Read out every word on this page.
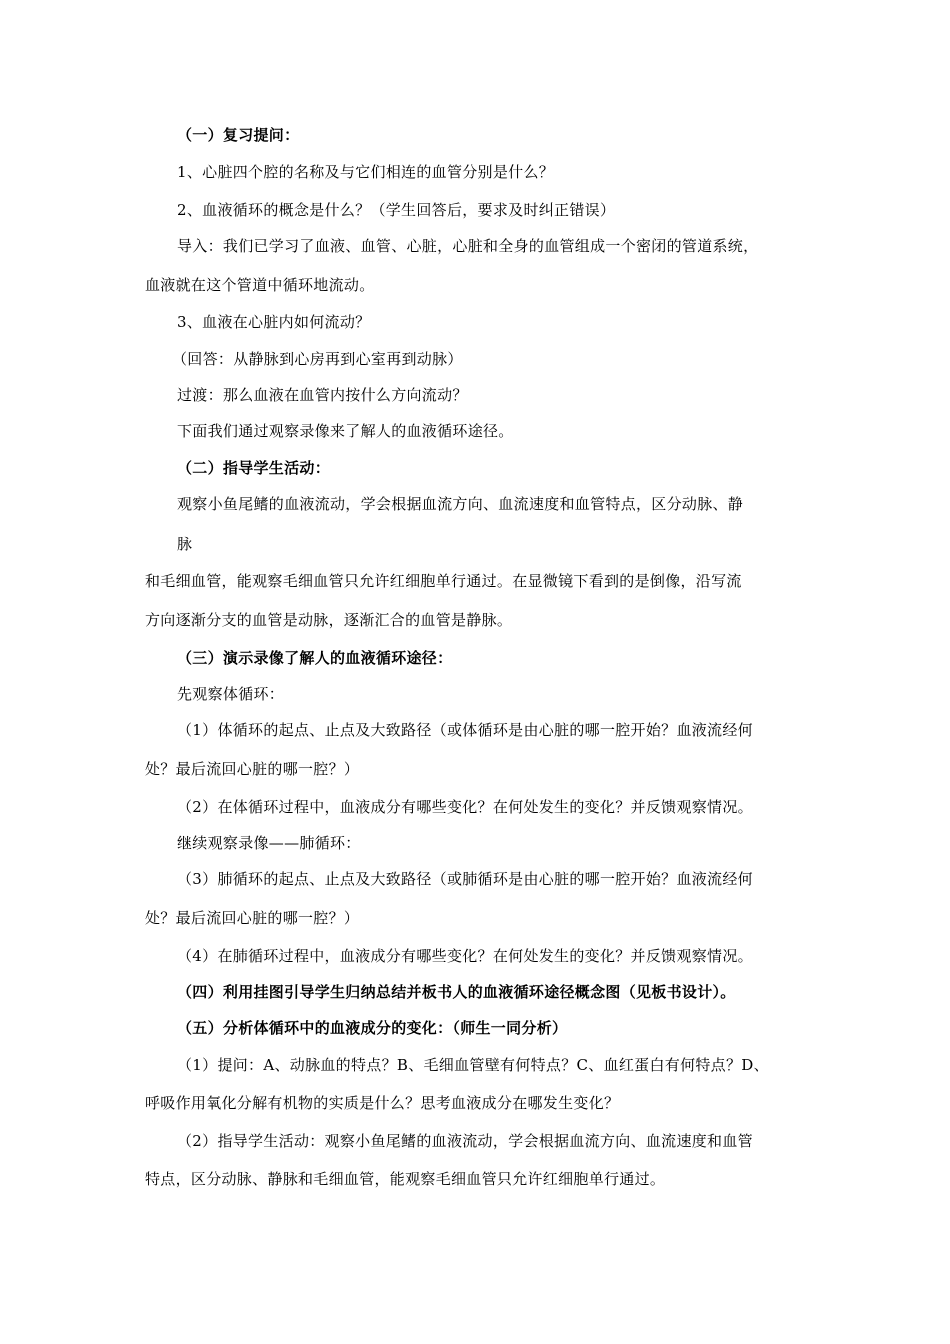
（一）复习提问：
1、心脏四个腔的名称及与它们相连的血管分别是什么？
2、血液循环的概念是什么？（学生回答后，要求及时纠正错误）
导入：我们已学习了血液、血管、心脏，心脏和全身的血管组成一个密闭的管道系统，
血液就在这个管道中循环地流动。
3、血液在心脏内如何流动？
（回答：从静脉到心房再到心室再到动脉）
过渡：那么血液在血管内按什么方向流动？
下面我们通过观察录像来了解人的血液循环途径。
（二）指导学生活动：
观察小鱼尾鳍的血液流动，学会根据血流方向、血流速度和血管特点，区分动脉、静
脉
和毛细血管，能观察毛细血管只允许红细胞单行通过。在显微镜下看到的是倒像，沿写流
方向逐渐分支的血管是动脉，逐渐汇合的血管是静脉。
（三）演示录像了解人的血液循环途径：
先观察体循环：
（1）体循环的起点、止点及大致路径（或体循环是由心脏的哪一腔开始？血液流经何
处？最后流回心脏的哪一腔？）
（2）在体循环过程中，血液成分有哪些变化？在何处发生的变化？并反馈观察情况。
继续观察录像——肺循环：
（3）肺循环的起点、止点及大致路径（或肺循环是由心脏的哪一腔开始？血液流经何
处？最后流回心脏的哪一腔？）
（4）在肺循环过程中，血液成分有哪些变化？在何处发生的变化？并反馈观察情况。
（四）利用挂图引导学生归纳总结并板书人的血液循环途径概念图（见板书设计）。
（五）分析体循环中的血液成分的变化：（师生一同分析）
（1）提问：A、动脉血的特点？B、毛细血管壁有何特点？C、血红蛋白有何特点？D、
呼吸作用氧化分解有机物的实质是什么？思考血液成分在哪发生变化？
（2）指导学生活动：观察小鱼尾鳍的血液流动，学会根据血流方向、血流速度和血管
特点，区分动脉、静脉和毛细血管，能观察毛细血管只允许红细胞单行通过。
